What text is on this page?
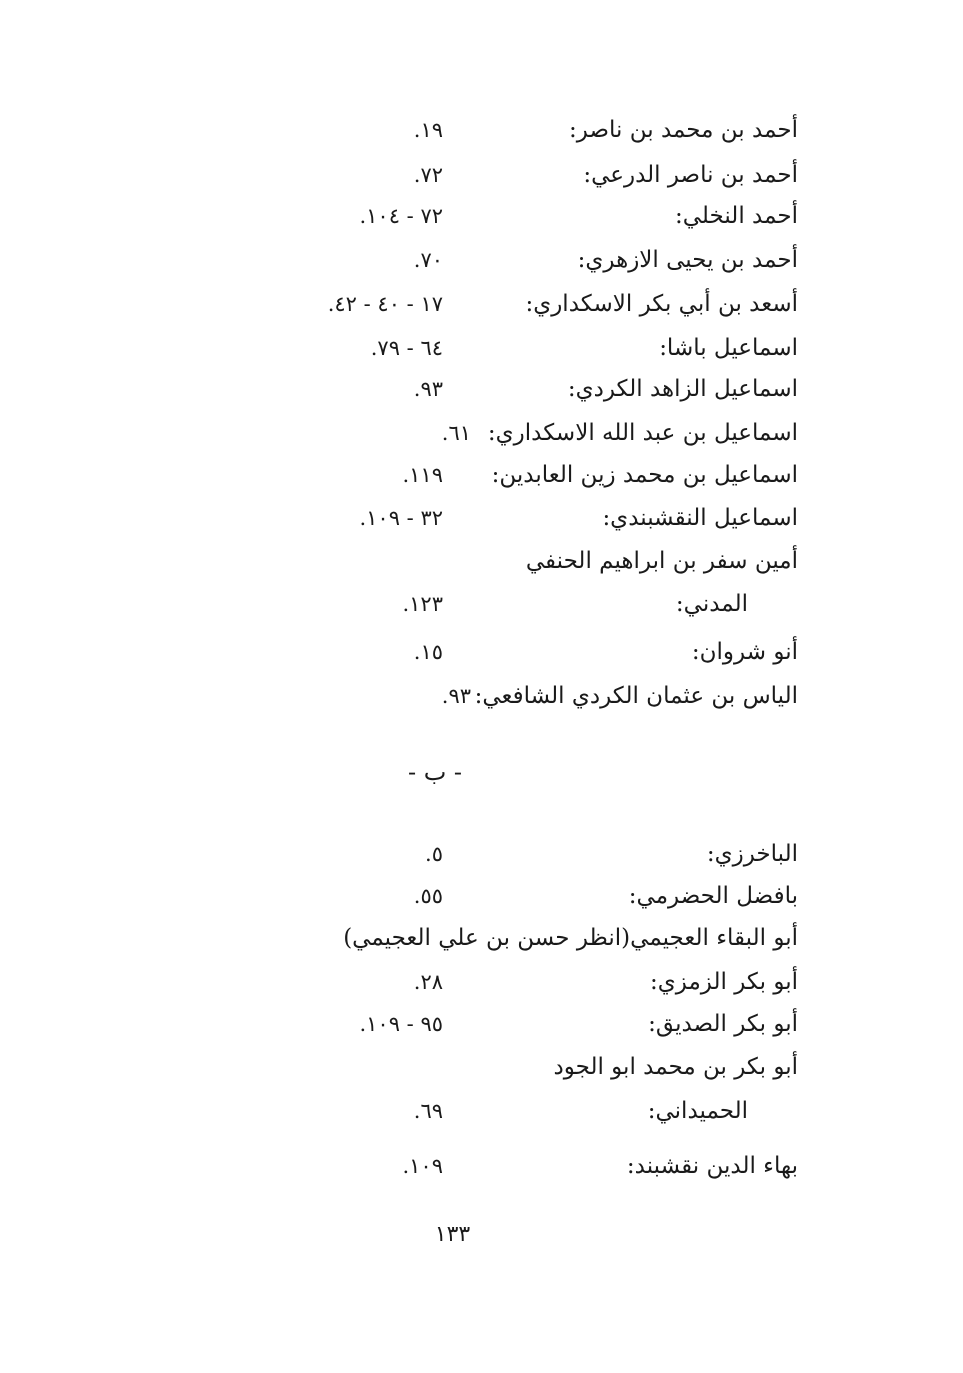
أحمد بن محمد بن ناصر:
١٩.
أحمد بن ناصر الدرعي:
٧٢.
أحمد النخلي:
٧٢ - ١٠٤.
أحمد بن يحيى الازهري:
٧٠.
أسعد بن أبي بكر الاسكداري:
١٧ - ٤٠ - ٤٢.
اسماعيل باشا:
٦٤ - ٧٩.
اسماعيل الزاهد الكردي:
٩٣.
اسماعيل بن عبد الله الاسكداري:
٦١.
اسماعيل بن محمد زين العابدين:
١١٩.
اسماعيل النقشبندي:
٣٢ - ١٠٩.
أمين سفر بن ابراهيم الحنفي
المدني:
١٢٣.
أنو شروان:
١٥.
الياس بن عثمان الكردي الشافعي:
٩٣.
- ب -
الباخرزي:
٥.
بافضل الحضرمي:
٥٥.
أبو البقاء العجيمي(انظر حسن بن علي العجيمي)
أبو بكر الزمزي:
٢٨.
أبو بكر الصديق:
٩٥ - ١٠٩.
أبو بكر بن محمد ابو الجود
الحميداني:
٦٩.
بهاء الدين نقشبند:
١٠٩.
١٣٣
